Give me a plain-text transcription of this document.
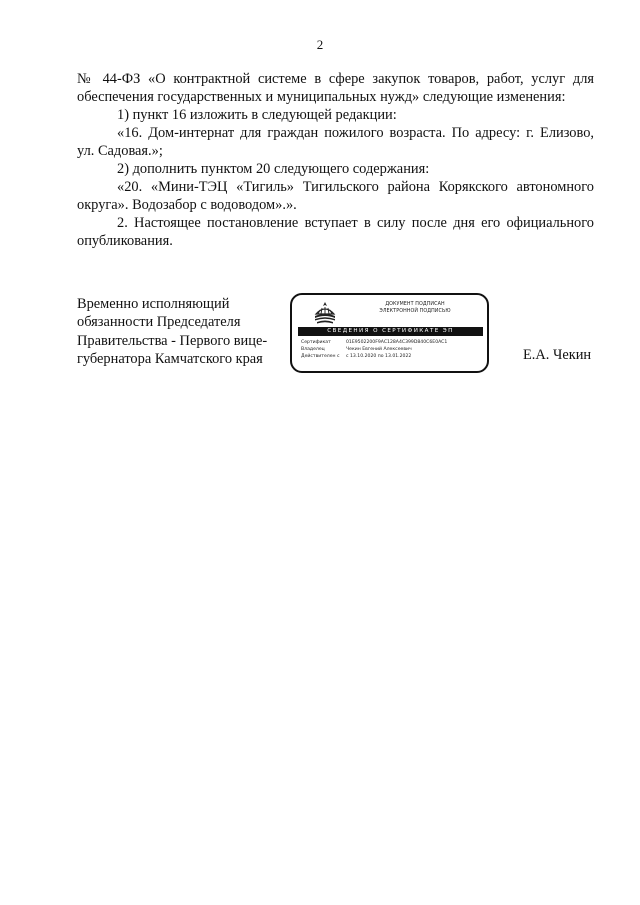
2
№ 44-ФЗ «О контрактной системе в сфере закупок товаров, работ, услуг для
обеспечения государственных и муниципальных нужд» следующие изменения:
1) пункт 16 изложить в следующей редакции:
«16. Дом-интернат для граждан пожилого возраста. По адресу: г. Елизово,
ул. Садовая.»;
2) дополнить пунктом 20 следующего содержания:
«20. «Мини-ТЭЦ «Тигиль» Тигильского района Корякского автономного
округа». Водозабор с водоводом».».
2. Настоящее постановление вступает в силу после дня его официального
опубликования.
Временно исполняющий
обязанности Председателя
Правительства - Первого вице-
губернатора Камчатского края
ДОКУМЕНТ ПОДПИСАН
ЭЛЕКТРОННОЙ ПОДПИСЬЮ
СВЕДЕНИЯ О СЕРТИФИКАТЕ ЭП
Сертификат	01E9502200F9AC128A4C399D840C6E0AC1
Владелец	Чекин Евгений Алексеевич
Действителен с с 13.10.2020 по 13.01.2022	Е.А. Чекин
